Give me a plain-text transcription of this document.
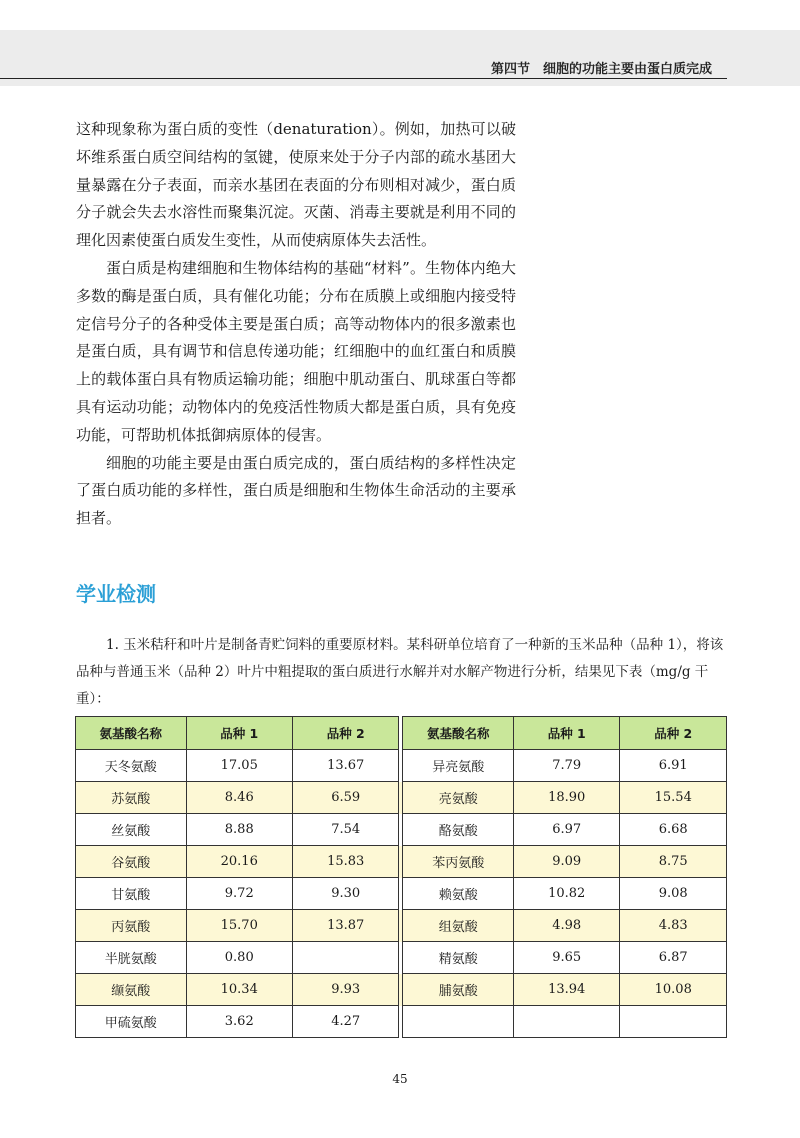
第四节　细胞的功能主要由蛋白质完成

这种现象称为蛋白质的变性（denaturation）。例如，加热可以破坏维系蛋白质空间结构的氢键，使原来处于分子内部的疏水基团大量暴露在分子表面，而亲水基团在表面的分布则相对减少，蛋白质分子就会失去水溶性而聚集沉淀。灭菌、消毒主要就是利用不同的理化因素使蛋白质发生变性，从而使病原体失去活性。

蛋白质是构建细胞和生物体结构的基础“材料”。生物体内绝大多数的酶是蛋白质，具有催化功能；分布在质膜上或细胞内接受特定信号分子的各种受体主要是蛋白质；高等动物体内的很多激素也是蛋白质，具有调节和信息传递功能；红细胞中的血红蛋白和质膜上的载体蛋白具有物质运输功能；细胞中肌动蛋白、肌球蛋白等都具有运动功能；动物体内的免疫活性物质大都是蛋白质，具有免疫功能，可帮助机体抵御病原体的侵害。

细胞的功能主要是由蛋白质完成的，蛋白质结构的多样性决定了蛋白质功能的多样性，蛋白质是细胞和生物体生命活动的主要承担者。

学业检测

1. 玉米秸秆和叶片是制备青贮饲料的重要原材料。某科研单位培育了一种新的玉米品种（品种 1），将该品种与普通玉米（品种 2）叶片中粗提取的蛋白质进行水解并对水解产物进行分析，结果见下表（mg/g 干重）：

氨基酸名称	品种 1	品种 2		氨基酸名称	品种 1	品种 2
天冬氨酸	17.05	13.67		异亮氨酸	7.79	6.91
苏氨酸	8.46	6.59		亮氨酸	18.90	15.54
丝氨酸	8.88	7.54		酪氨酸	6.97	6.68
谷氨酸	20.16	15.83		苯丙氨酸	9.09	8.75
甘氨酸	9.72	9.30		赖氨酸	10.82	9.08
丙氨酸	15.70	13.87		组氨酸	4.98	4.83
半胱氨酸	0.80			精氨酸	9.65	6.87
缬氨酸	10.34	9.93		脯氨酸	13.94	10.08
甲硫氨酸	3.62	4.27				
45
